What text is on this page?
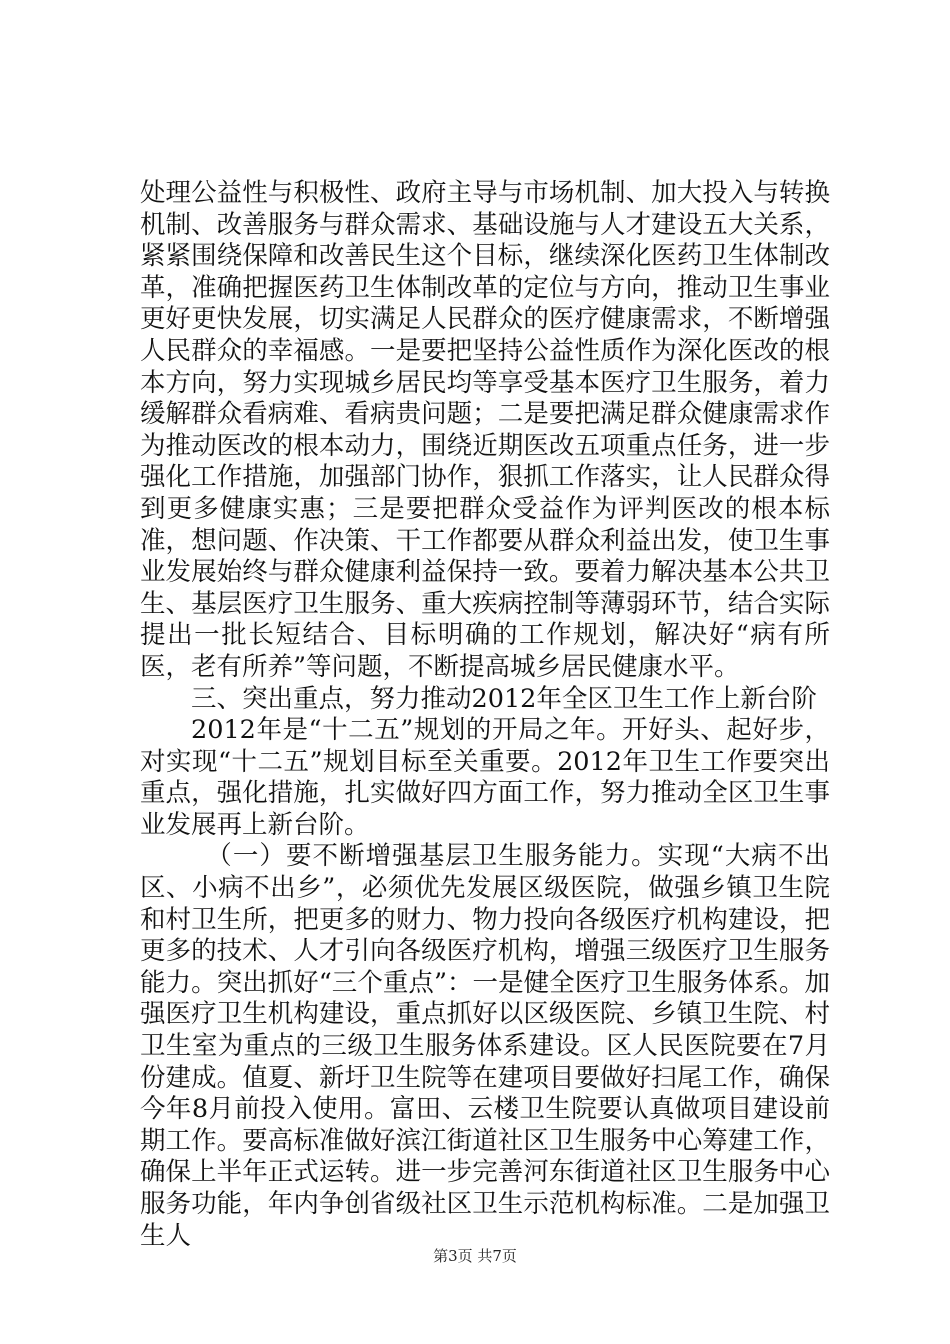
处理公益性与积极性、政府主导与市场机制、加大投入与转换机制、改善服务与群众需求、基础设施与人才建设五大关系，紧紧围绕保障和改善民生这个目标，继续深化医药卫生体制改革，准确把握医药卫生体制改革的定位与方向，推动卫生事业更好更快发展，切实满足人民群众的医疗健康需求，不断增强人民群众的幸福感。一是要把坚持公益性质作为深化医改的根本方向，努力实现城乡居民均等享受基本医疗卫生服务，着力缓解群众看病难、看病贵问题；二是要把满足群众健康需求作为推动医改的根本动力，围绕近期医改五项重点任务，进一步强化工作措施，加强部门协作，狠抓工作落实，让人民群众得到更多健康实惠；三是要把群众受益作为评判医改的根本标准，想问题、作决策、干工作都要从群众利益出发，使卫生事业发展始终与群众健康利益保持一致。要着力解决基本公共卫生、基层医疗卫生服务、重大疾病控制等薄弱环节，结合实际提出一批长短结合、目标明确的工作规划，解决好“病有所医，老有所养”等问题，不断提高城乡居民健康水平。

三、突出重点，努力推动2012年全区卫生工作上新台阶

2012年是“十二五”规划的开局之年。开好头、起好步，对实现“十二五”规划目标至关重要。2012年卫生工作要突出重点，强化措施，扎实做好四方面工作，努力推动全区卫生事业发展再上新台阶。

（一）要不断增强基层卫生服务能力。实现“大病不出区、小病不出乡”，必须优先发展区级医院，做强乡镇卫生院和村卫生所，把更多的财力、物力投向各级医疗机构建设，把更多的技术、人才引向各级医疗机构，增强三级医疗卫生服务能力。突出抓好“三个重点”：一是健全医疗卫生服务体系。加强医疗卫生机构建设，重点抓好以区级医院、乡镇卫生院、村卫生室为重点的三级卫生服务体系建设。区人民医院要在7月份建成。值夏、新圩卫生院等在建项目要做好扫尾工作，确保今年8月前投入使用。富田、云楼卫生院要认真做项目建设前期工作。要高标准做好滨江街道社区卫生服务中心筹建工作，确保上半年正式运转。进一步完善河东街道社区卫生服务中心服务功能，年内争创省级社区卫生示范机构标准。二是加强卫生人

第3页 共7页
